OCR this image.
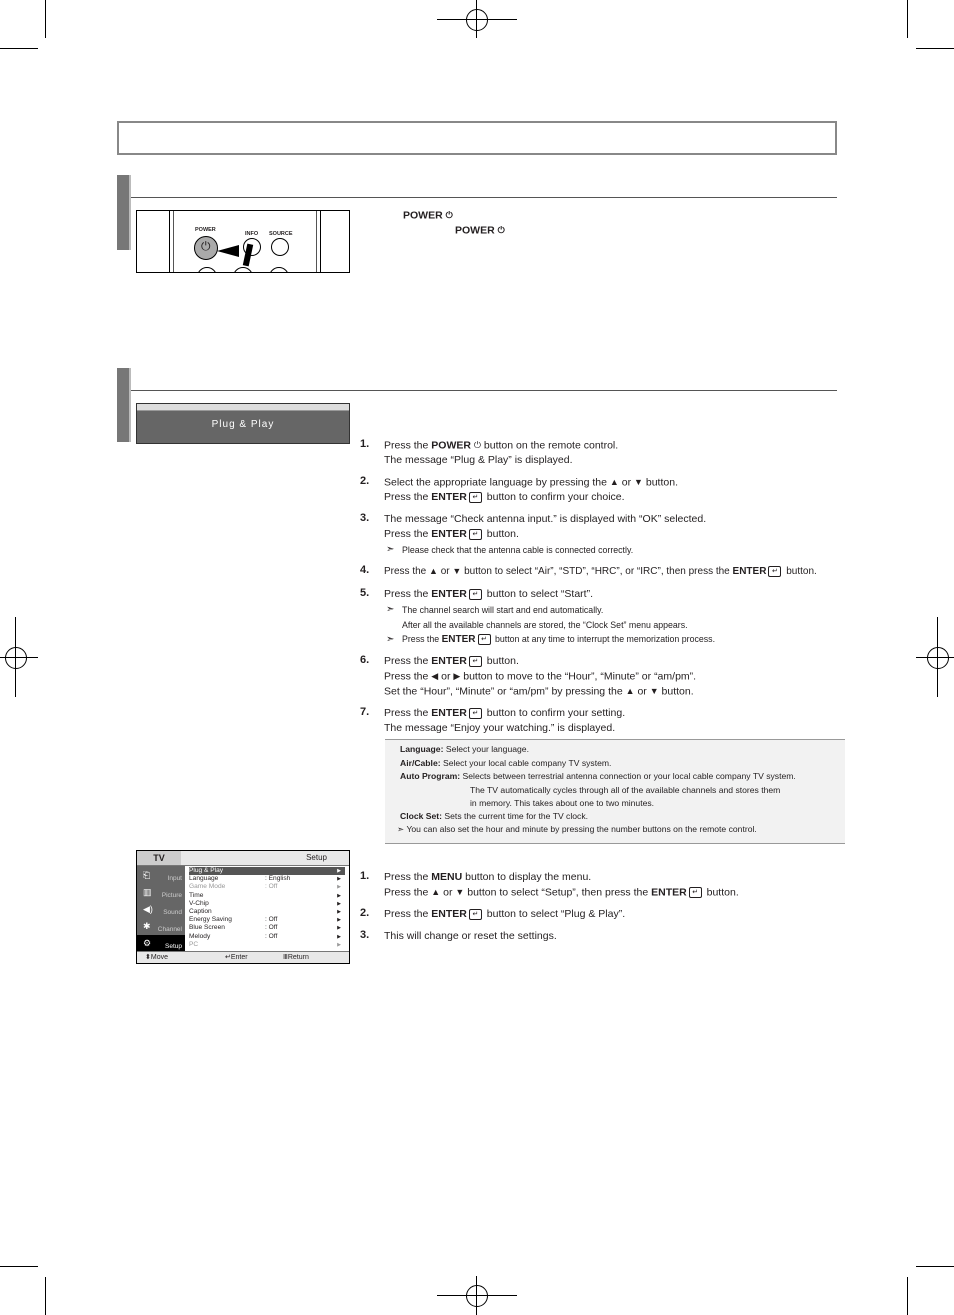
POWER
INFO SOURCE
⏻
POWER ⏻
POWER ⏻
Plug & Play
1. Press the POWER ⏻ button on the remote control.
The message “Plug & Play” is displayed.
2. Select the appropriate language by pressing the ▲ or ▼ button.
Press the ENTER ↵ button to confirm your choice.
3. The message “Check antenna input.” is displayed with “OK” selected.
Press the ENTER ↵ button.
➣ Please check that the antenna cable is connected correctly.
4. Press the ▲ or ▼ button to select “Air”, “STD”, “HRC”, or “IRC”, then press the ENTER ↵ button.
5. Press the ENTER ↵ button to select “Start”.
➣ The channel search will start and end automatically.
After all the available channels are stored, the “Clock Set” menu appears.
➣ Press the ENTER ↵ button at any time to interrupt the memorization process.
6. Press the ENTER ↵ button.
Press the ◀ or ▶ button to move to the “Hour”, “Minute” or “am/pm”.
Set the “Hour”, “Minute” or “am/pm” by pressing the ▲ or ▼ button.
7. Press the ENTER ↵ button to confirm your setting.
The message “Enjoy your watching.” is displayed.
Language: Select your language.
Air/Cable: Select your local cable company TV system.
Auto Program: Selects between terrestrial antenna connection or your local cable company TV system.
The TV automatically cycles through all of the available channels and stores them
in memory. This takes about one to two minutes.
Clock Set: Sets the current time for the TV clock.
➣ You can also set the hour and minute by pressing the number buttons on the remote control.
TV	Setup
⎗	Input
▥ Picture
◀) Sound
✱ Channel
⚙ Setup
Plug & Play	▶
Language	: English	▶
Game Mode	: Off	▶
Time	▶
V-Chip	▶
Caption	▶
Energy Saving	: Off	▶
Blue Screen	: Off	▶
Melody	: Off	▶
PC	▶
⬍Move	↵Enter	ⅢReturn
1. Press the MENU button to display the menu.
Press the ▲ or ▼ button to select “Setup”, then press the ENTER ↵ button.
2. Press the ENTER ↵ button to select “Plug & Play”.
3. This will change or reset the settings.
